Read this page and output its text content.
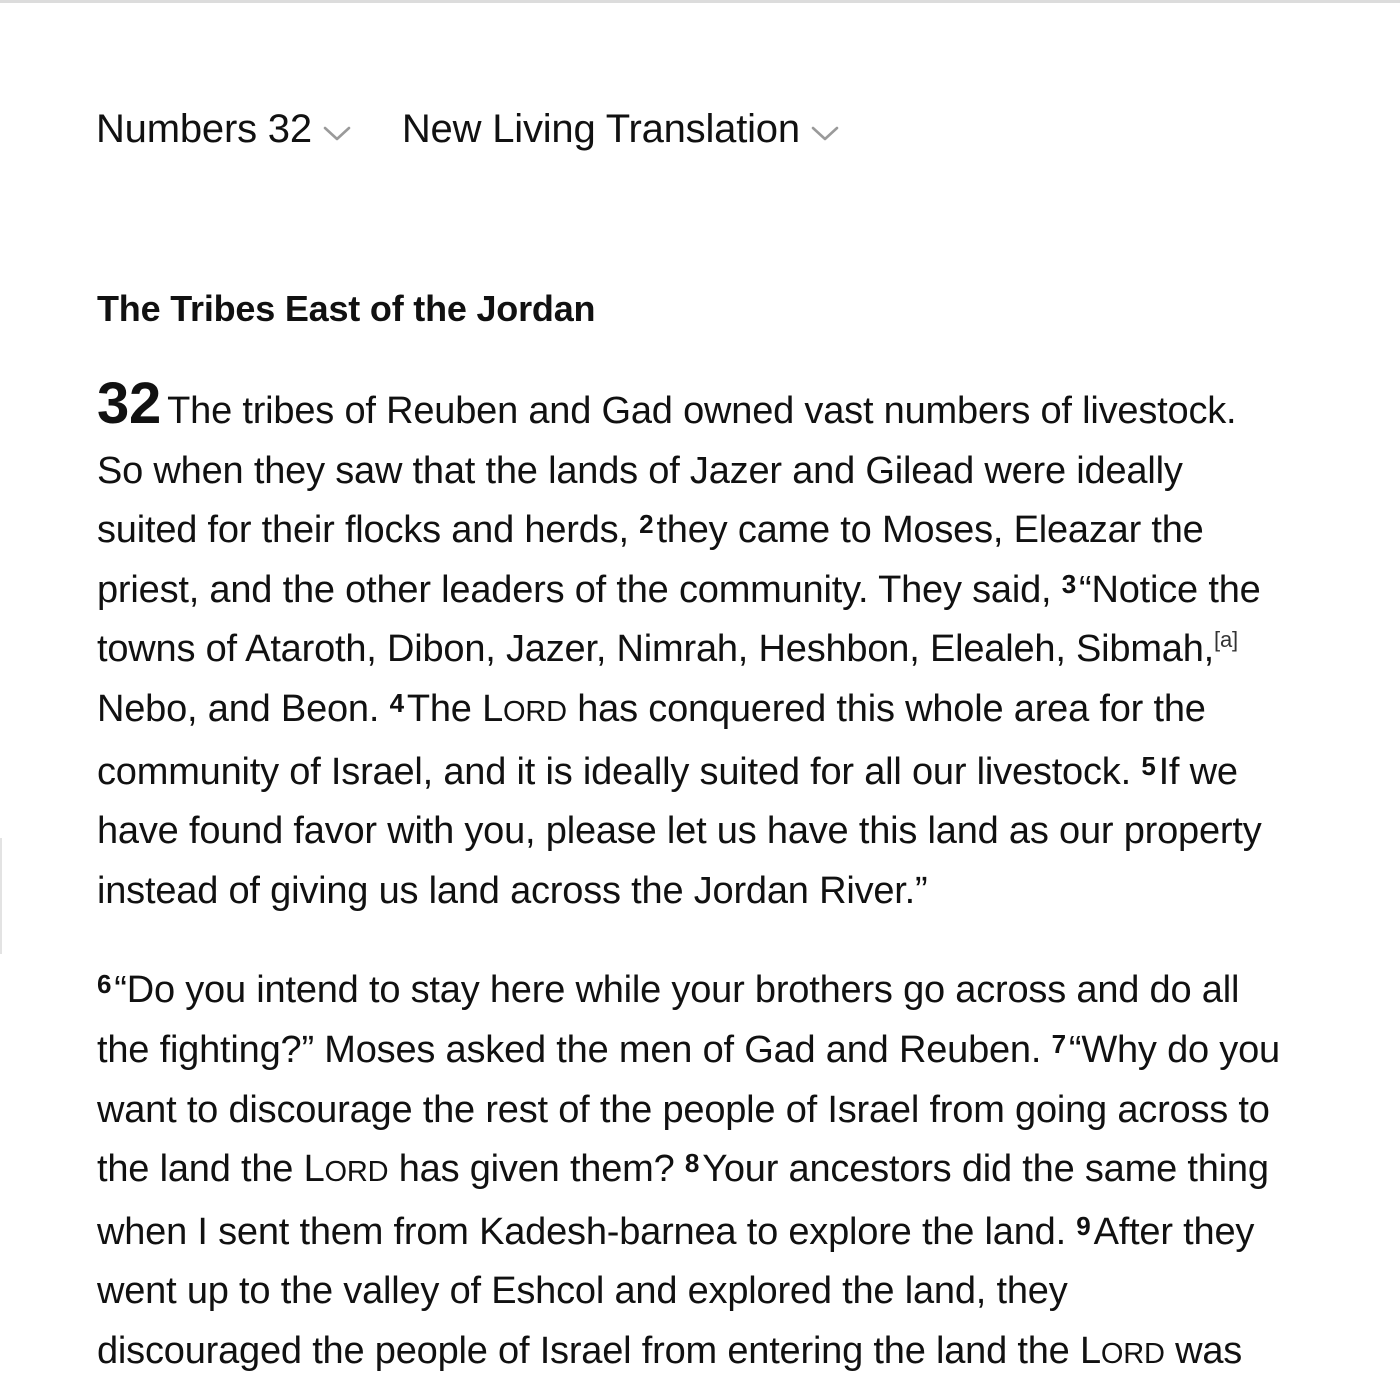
Numbers 32 New Living Translation
The Tribes East of the Jordan

32 The tribes of Reuben and Gad owned vast numbers of livestock.
So when they saw that the lands of Jazer and Gilead were ideally
suited for their flocks and herds, $^2$they came to Moses, Eleazar the
priest, and the other leaders of the community. They said, $^3$“Notice the
towns of Ataroth, Dibon, Jazer, Nimrah, Heshbon, Elealeh, Sibmah,[a]
Nebo, and Beon. $^4$The LORD has conquered this whole area for the
community of Israel, and it is ideally suited for all our livestock. $^5$If we
have found favor with you, please let us have this land as our property
instead of giving us land across the Jordan River.”

$^6$“Do you intend to stay here while your brothers go across and do all
the fighting?” Moses asked the men of Gad and Reuben. $^7$“Why do you
want to discourage the rest of the people of Israel from going across to
the land the LORD has given them? $^8$Your ancestors did the same thing
when I sent them from Kadesh-barnea to explore the land. $^9$After they
went up to the valley of Eshcol and explored the land, they
discouraged the people of Israel from entering the land the LORD was
